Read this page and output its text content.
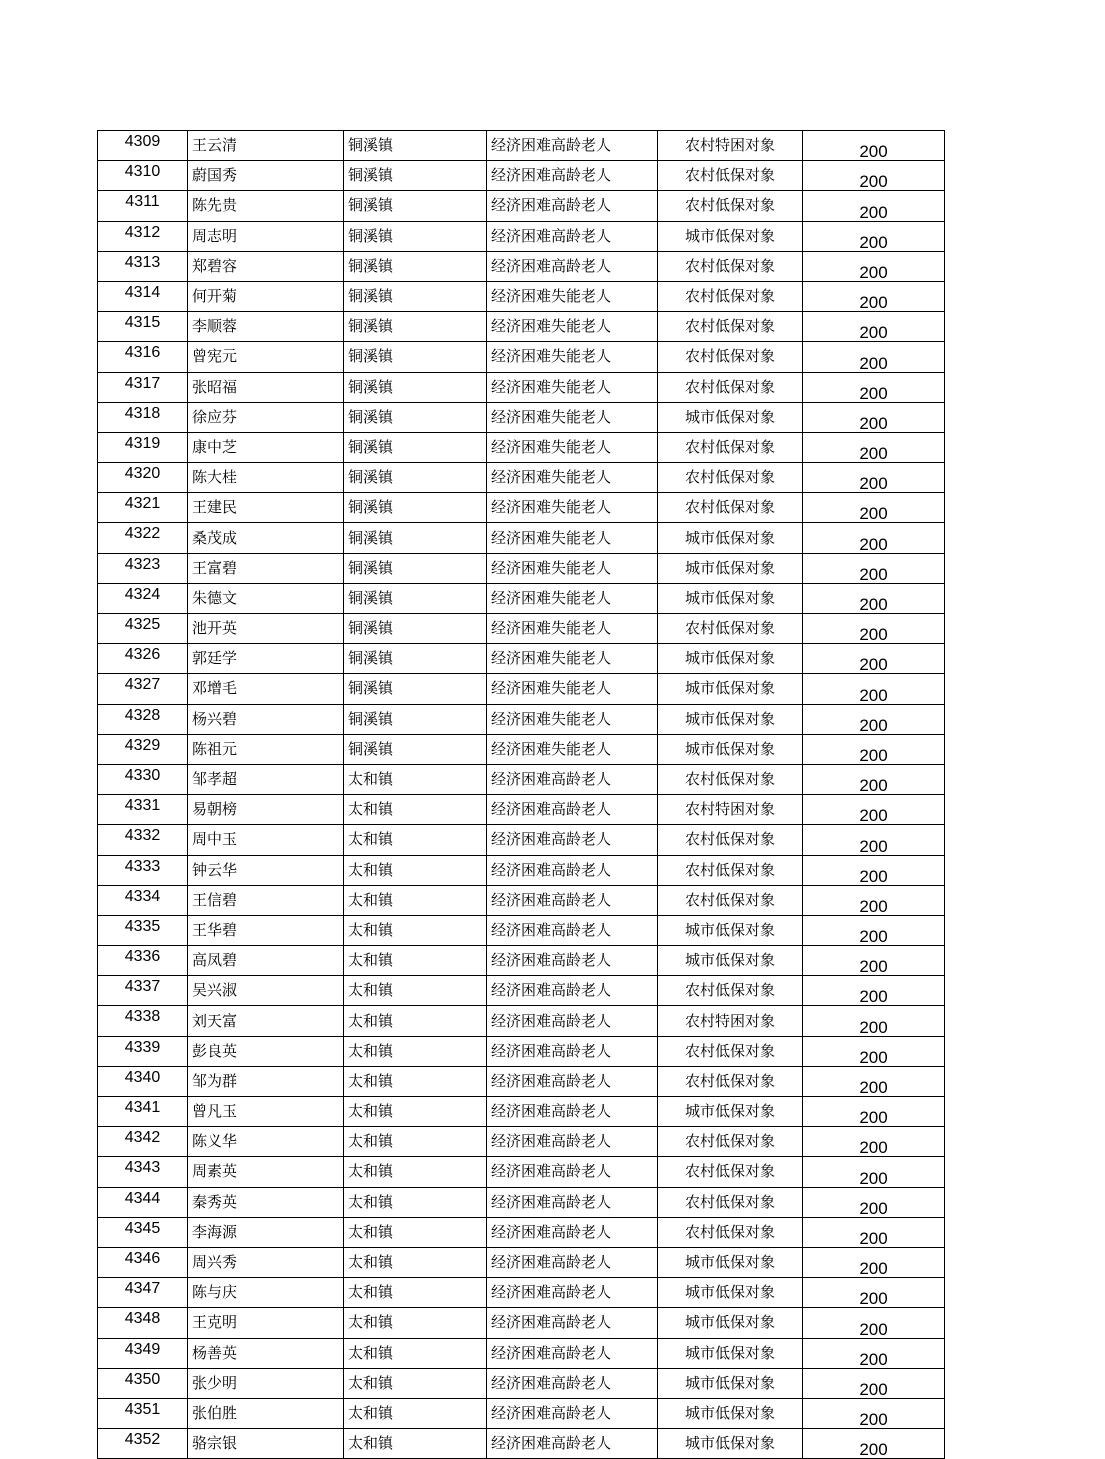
4309	王云清	铜溪镇	经济困难高龄老人	农村特困对象	200
4310	蔚国秀	铜溪镇	经济困难高龄老人	农村低保对象	200
4311	陈先贵	铜溪镇	经济困难高龄老人	农村低保对象	200
4312	周志明	铜溪镇	经济困难高龄老人	城市低保对象	200
4313	郑碧容	铜溪镇	经济困难高龄老人	农村低保对象	200
4314	何开菊	铜溪镇	经济困难失能老人	农村低保对象	200
4315	李顺蓉	铜溪镇	经济困难失能老人	农村低保对象	200
4316	曾宪元	铜溪镇	经济困难失能老人	农村低保对象	200
4317	张昭福	铜溪镇	经济困难失能老人	农村低保对象	200
4318	徐应芬	铜溪镇	经济困难失能老人	城市低保对象	200
4319	康中芝	铜溪镇	经济困难失能老人	农村低保对象	200
4320	陈大桂	铜溪镇	经济困难失能老人	农村低保对象	200
4321	王建民	铜溪镇	经济困难失能老人	农村低保对象	200
4322	桑茂成	铜溪镇	经济困难失能老人	城市低保对象	200
4323	王富碧	铜溪镇	经济困难失能老人	城市低保对象	200
4324	朱德文	铜溪镇	经济困难失能老人	城市低保对象	200
4325	池开英	铜溪镇	经济困难失能老人	农村低保对象	200
4326	郭廷学	铜溪镇	经济困难失能老人	城市低保对象	200
4327	邓增毛	铜溪镇	经济困难失能老人	城市低保对象	200
4328	杨兴碧	铜溪镇	经济困难失能老人	城市低保对象	200
4329	陈祖元	铜溪镇	经济困难失能老人	城市低保对象	200
4330	邹孝超	太和镇	经济困难高龄老人	农村低保对象	200
4331	易朝榜	太和镇	经济困难高龄老人	农村特困对象	200
4332	周中玉	太和镇	经济困难高龄老人	农村低保对象	200
4333	钟云华	太和镇	经济困难高龄老人	农村低保对象	200
4334	王信碧	太和镇	经济困难高龄老人	农村低保对象	200
4335	王华碧	太和镇	经济困难高龄老人	城市低保对象	200
4336	高凤碧	太和镇	经济困难高龄老人	城市低保对象	200
4337	吴兴淑	太和镇	经济困难高龄老人	农村低保对象	200
4338	刘天富	太和镇	经济困难高龄老人	农村特困对象	200
4339	彭良英	太和镇	经济困难高龄老人	农村低保对象	200
4340	邹为群	太和镇	经济困难高龄老人	农村低保对象	200
4341	曾凡玉	太和镇	经济困难高龄老人	城市低保对象	200
4342	陈义华	太和镇	经济困难高龄老人	农村低保对象	200
4343	周素英	太和镇	经济困难高龄老人	农村低保对象	200
4344	秦秀英	太和镇	经济困难高龄老人	农村低保对象	200
4345	李海源	太和镇	经济困难高龄老人	农村低保对象	200
4346	周兴秀	太和镇	经济困难高龄老人	城市低保对象	200
4347	陈与庆	太和镇	经济困难高龄老人	城市低保对象	200
4348	王克明	太和镇	经济困难高龄老人	城市低保对象	200
4349	杨善英	太和镇	经济困难高龄老人	城市低保对象	200
4350	张少明	太和镇	经济困难高龄老人	城市低保对象	200
4351	张伯胜	太和镇	经济困难高龄老人	城市低保对象	200
4352	骆宗银	太和镇	经济困难高龄老人	城市低保对象	200
